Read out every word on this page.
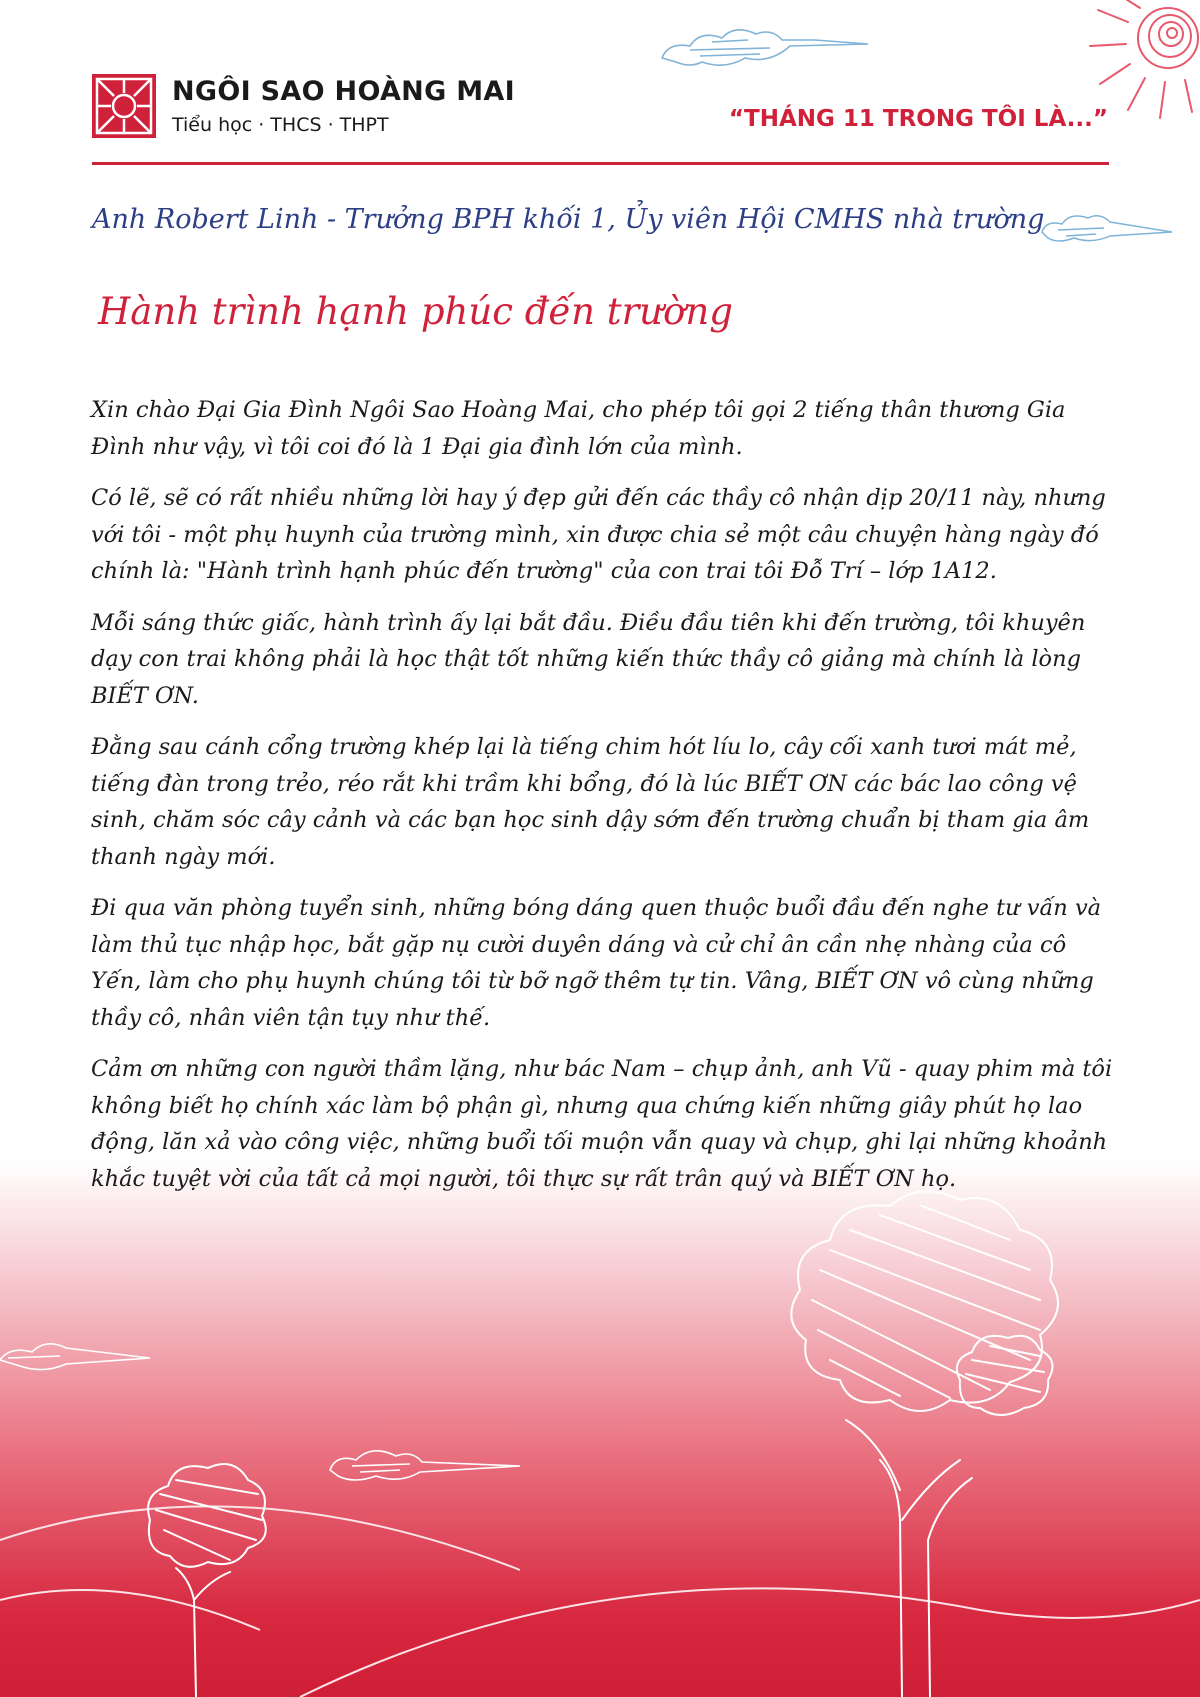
NGÔI SAO HOÀNG MAI
Tiểu học · THCS · THPT	“THÁNG 11 TRONG TÔI LÀ...”
Anh Robert Linh - Trưởng BPH khối 1, Ủy viên Hội CMHS nhà trường
Hành trình hạnh phúc đến trường

Xin chào Đại Gia Đình Ngôi Sao Hoàng Mai, cho phép tôi gọi 2 tiếng thân thương Gia Đình như vậy, vì tôi coi đó là 1 Đại gia đình lớn của mình.

Có lẽ, sẽ có rất nhiều những lời hay ý đẹp gửi đến các thầy cô nhận dịp 20/11 này, nhưng với tôi - một phụ huynh của trường mình, xin được chia sẻ một câu chuyện hàng ngày đó chính là: "Hành trình hạnh phúc đến trường" của con trai tôi Đỗ Trí – lớp 1A12.

Mỗi sáng thức giấc, hành trình ấy lại bắt đầu. Điều đầu tiên khi đến trường, tôi khuyên dạy con trai không phải là học thật tốt những kiến thức thầy cô giảng mà chính là lòng BIẾT ƠN.

Đằng sau cánh cổng trường khép lại là tiếng chim hót líu lo, cây cối xanh tươi mát mẻ, tiếng đàn trong trẻo, réo rắt khi trầm khi bổng, đó là lúc BIẾT ƠN các bác lao công vệ sinh, chăm sóc cây cảnh và các bạn học sinh dậy sớm đến trường chuẩn bị tham gia âm thanh ngày mới.

Đi qua văn phòng tuyển sinh, những bóng dáng quen thuộc buổi đầu đến nghe tư vấn và làm thủ tục nhập học, bắt gặp nụ cười duyên dáng và cử chỉ ân cần nhẹ nhàng của cô Yến, làm cho phụ huynh chúng tôi từ bỡ ngỡ thêm tự tin. Vâng, BIẾT ƠN vô cùng những thầy cô, nhân viên tận tụy như thế.

Cảm ơn những con người thầm lặng, như bác Nam – chụp ảnh, anh Vũ - quay phim mà tôi không biết họ chính xác làm bộ phận gì, nhưng qua chứng kiến những giây phút họ lao động, lăn xả vào công việc, những buổi tối muộn vẫn quay và chụp, ghi lại những khoảnh khắc tuyệt vời của tất cả mọi người, tôi thực sự rất trân quý và BIẾT ƠN họ.
